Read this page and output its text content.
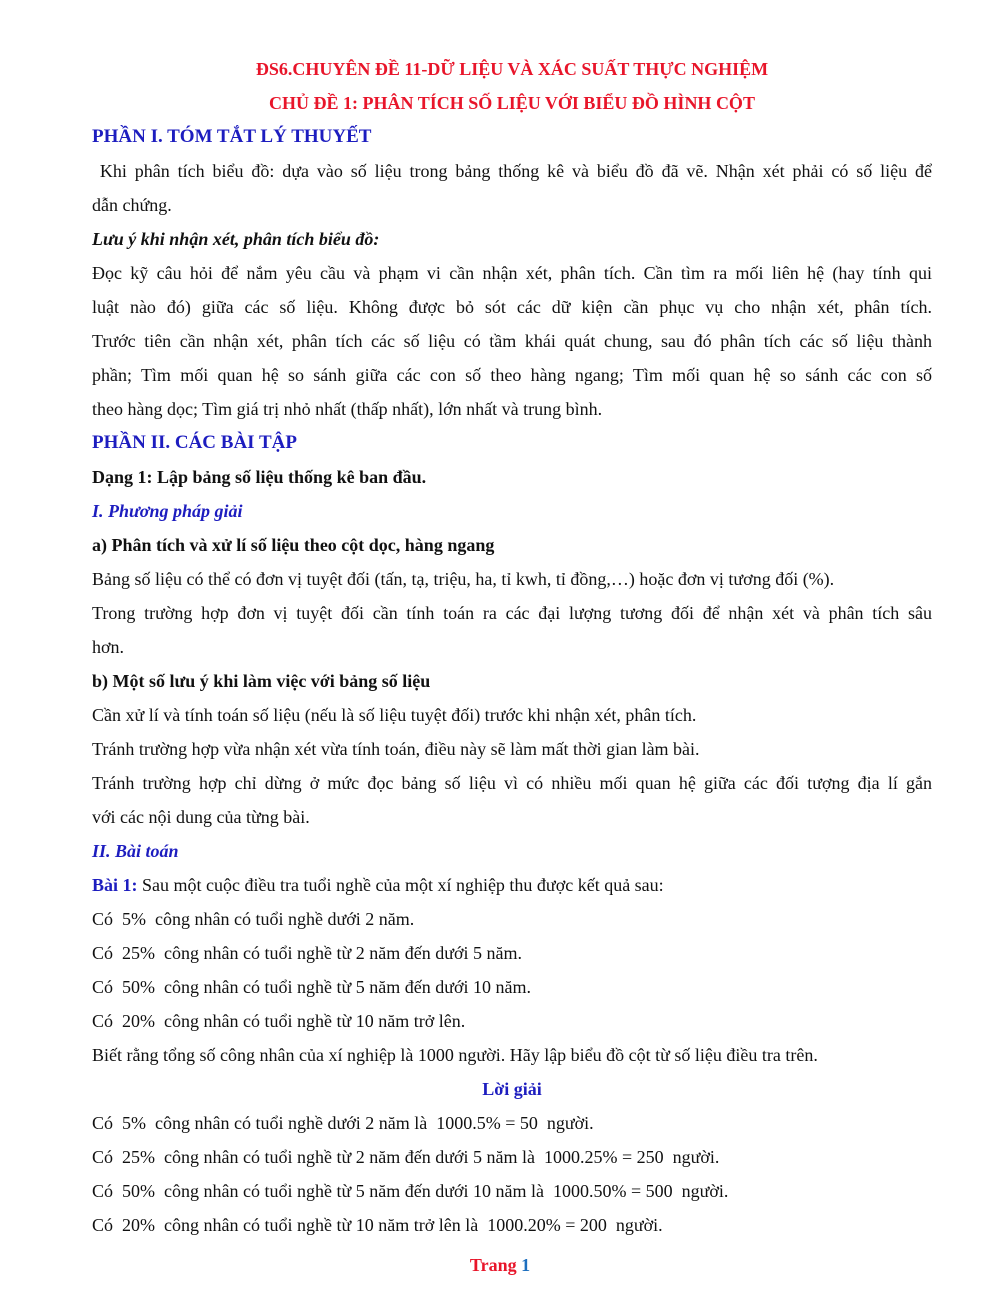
ĐS6.CHUYÊN ĐỀ 11-DỮ LIỆU VÀ XÁC SUẤT THỰC NGHIỆM
CHỦ ĐỀ 1: PHÂN TÍCH SỐ LIỆU VỚI BIỂU ĐỒ HÌNH CỘT
PHẦN I. TÓM TẮT LÝ THUYẾT
Khi phân tích biểu đồ: dựa vào số liệu trong bảng thống kê và biểu đồ đã vẽ. Nhận xét phải có số liệu để
dẫn chứng.
Lưu ý khi nhận xét, phân tích biểu đồ:
Đọc kỹ câu hỏi để nắm yêu cầu và phạm vi cần nhận xét, phân tích. Cần tìm ra mối liên hệ (hay tính qui
luật nào đó) giữa các số liệu. Không được bỏ sót các dữ kiện cần phục vụ cho nhận xét, phân tích.
Trước tiên cần nhận xét, phân tích các số liệu có tầm khái quát chung, sau đó phân tích các số liệu thành
phần; Tìm mối quan hệ so sánh giữa các con số theo hàng ngang; Tìm mối quan hệ so sánh các con số
theo hàng dọc; Tìm giá trị nhỏ nhất (thấp nhất), lớn nhất và trung bình.
PHẦN II. CÁC BÀI TẬP
Dạng 1: Lập bảng số liệu thống kê ban đầu.
I. Phương pháp giải
a) Phân tích và xử lí số liệu theo cột dọc, hàng ngang
Bảng số liệu có thể có đơn vị tuyệt đối (tấn, tạ, triệu, ha, tỉ kwh, tỉ đồng,…) hoặc đơn vị tương đối (%).
Trong trường hợp đơn vị tuyệt đối cần tính toán ra các đại lượng tương đối để nhận xét và phân tích sâu
hơn.
b) Một số lưu ý khi làm việc với bảng số liệu
Cần xử lí và tính toán số liệu (nếu là số liệu tuyệt đối) trước khi nhận xét, phân tích.
Tránh trường hợp vừa nhận xét vừa tính toán, điều này sẽ làm mất thời gian làm bài.
Tránh trường hợp chỉ dừng ở mức đọc bảng số liệu vì có nhiều mối quan hệ giữa các đối tượng địa lí gắn
với các nội dung của từng bài.
II. Bài toán
Bài 1: Sau một cuộc điều tra tuổi nghề của một xí nghiệp thu được kết quả sau:
Có  5%  công nhân có tuổi nghề dưới 2 năm.
Có  25%  công nhân có tuổi nghề từ 2 năm đến dưới 5 năm.
Có  50%  công nhân có tuổi nghề từ 5 năm đến dưới 10 năm.
Có  20%  công nhân có tuổi nghề từ 10 năm trở lên.
Biết rằng tổng số công nhân của xí nghiệp là 1000 người. Hãy lập biểu đồ cột từ số liệu điều tra trên.
Lời giải
Có  5%  công nhân có tuổi nghề dưới 2 năm là  1000.5% = 50  người.
Có  25%  công nhân có tuổi nghề từ 2 năm đến dưới 5 năm là  1000.25% = 250  người.
Có  50%  công nhân có tuổi nghề từ 5 năm đến dưới 10 năm là  1000.50% = 500  người.
Có  20%  công nhân có tuổi nghề từ 10 năm trở lên là  1000.20% = 200  người.
Trang 1
